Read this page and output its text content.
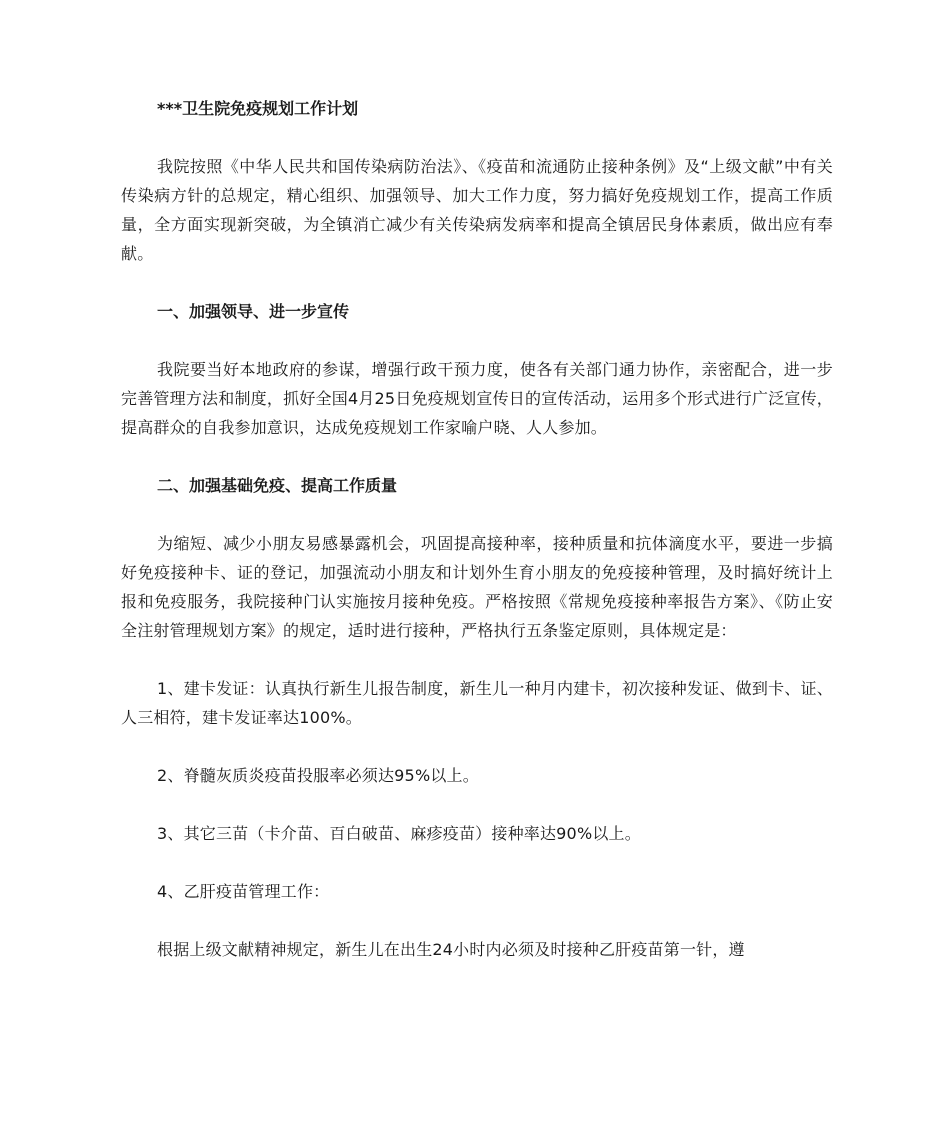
***卫生院免疫规划工作计划

我院按照《中华人民共和国传染病防治法》、《疫苗和流通防止接种条例》及“上级文献”中有关传染病方针的总规定，精心组织、加强领导、加大工作力度，努力搞好免疫规划工作，提高工作质量，全方面实现新突破，为全镇消亡减少有关传染病发病率和提高全镇居民身体素质，做出应有奉献。

一、加强领导、进一步宣传

我院要当好本地政府的参谋，增强行政干预力度，使各有关部门通力协作，亲密配合，进一步完善管理方法和制度，抓好全国4月25日免疫规划宣传日的宣传活动，运用多个形式进行广泛宣传，提高群众的自我参加意识，达成免疫规划工作家喻户晓、人人参加。

二、加强基础免疫、提高工作质量

为缩短、减少小朋友易感暴露机会，巩固提高接种率，接种质量和抗体滴度水平，要进一步搞好免疫接种卡、证的登记，加强流动小朋友和计划外生育小朋友的免疫接种管理，及时搞好统计上报和免疫服务，我院接种门认实施按月接种免疫。严格按照《常规免疫接种率报告方案》、《防止安全注射管理规划方案》的规定，适时进行接种，严格执行五条鉴定原则，具体规定是：

1、建卡发证：认真执行新生儿报告制度，新生儿一种月内建卡，初次接种发证、做到卡、证、人三相符，建卡发证率达100%。

2、脊髓灰质炎疫苗投服率必须达95%以上。

3、其它三苗（卡介苗、百白破苗、麻疹疫苗）接种率达90%以上。

4、乙肝疫苗管理工作：

根据上级文献精神规定，新生儿在出生24小时内必须及时接种乙肝疫苗第一针，遵
